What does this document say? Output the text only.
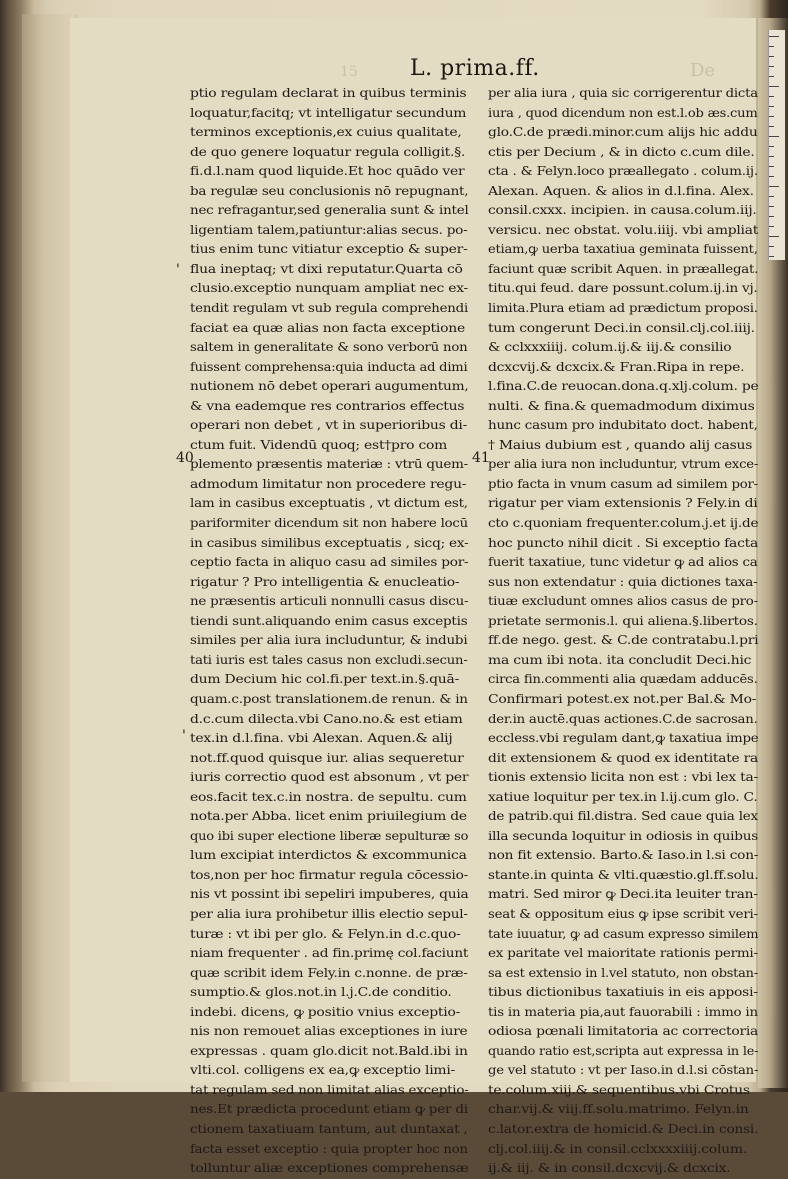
15 L. prima.ff.	De
ptio regulam declarat in quibus terminis
loquatur,facitq; vt intelligatur secundum
terminos exceptionis,ex cuius qualitate,
de quo genere loquatur regula colligit.§.
fi.d.l.nam quod liquide.Et hoc quādo ver
ba regulæ seu conclusionis nō repugnant,
nec refragantur,sed generalia sunt & intel
ligentiam talem,patiuntur:alias secus. po-
tius enim tunc vitiatur exceptio & super-
flua ineptaq; vt dixi reputatur.Quarta cō
clusio.exceptio nunquam ampliat nec ex-
tendit regulam vt sub regula comprehendi
faciat ea quæ alias non facta exceptione
saltem in generalitate & sono verborū non
fuissent comprehensa:quia inducta ad dimi
nutionem nō debet operari augumentum,
& vna eademque res contrarios effectus
operari non debet , vt in superioribus di-
ctum fuit. Videndū quoq; est†pro com
plemento præsentis materiæ : vtrū quem-
admodum limitatur non procedere regu-
lam in casibus exceptuatis , vt dictum est,
pariformiter dicendum sit non habere locū
in casibus similibus exceptuatis , sicq; ex-
ceptio facta in aliquo casu ad similes por-
rigatur ? Pro intelligentia & enucleatio-
ne præsentis articuli nonnulli casus discu-
tiendi sunt.aliquando enim casus exceptis
similes per alia iura includuntur, & indubi
tati iuris est tales casus non excludi.secun-
dum Decium hic col.fi.per text.in.§.quā-
quam.c.post translationem.de renun. & in
d.c.cum dilecta.vbi Cano.no.& est etiam
tex.in d.l.fina. vbi Alexan. Aquen.& alij
not.ff.quod quisque iur. alias sequeretur
iuris correctio quod est absonum , vt per
eos.facit tex.c.in nostra. de sepultu. cum
nota.per Abba. licet enim priuilegium de
quo ibi super electione liberæ sepulturæ so
lum excipiat interdictos & excommunica
tos,non per hoc firmatur regula cōcessio-
nis vt possint ibi sepeliri impuberes, quia
per alia iura prohibetur illis electio sepul-
turæ : vt ibi per glo. & Felyn.in d.c.quo-
niam frequenter . ad fin.primę col.faciunt
quæ scribit idem Fely.in c.nonne. de præ-
sumptio.& glos.not.in l.j.C.de conditio.
indebi. dicens, ꝙ positio vnius exceptio-
nis non remouet alias exceptiones in iure
expressas . quam glo.dicit not.Bald.ibi in
vlti.col. colligens ex ea,ꝙ exceptio limi-
tat regulam sed non limitat alias exceptio-
nes.Et prædicta procedunt etiam ꝙ per di
ctionem taxatiuam tantum, aut duntaxat ,
facta esset exceptio : quia propter hoc non
tolluntur aliæ exceptiones comprehensæ
per alia iura , quia sic corrigerentur dicta
iura , quod dicendum non est.l.ob æs.cum
glo.C.de prædi.minor.cum alijs hic addu
ctis per Decium , & in dicto c.cum dile.
cta . & Felyn.loco præallegato . colum.ij.
Alexan. Aquen. & alios in d.l.fina. Alex.
consil.cxxx. incipien. in causa.colum.iij.
versicu. nec obstat. volu.iiij. vbi ampliat
etiam,ꝙ uerba taxatiua geminata fuissent,
faciunt quæ scribit Aquen. in præallegat.
titu.qui feud. dare possunt.colum.ij.in vj.
limita.Plura etiam ad prædictum proposi.
tum congerunt Deci.in consil.clj.col.iiij.
& cclxxxiiij. colum.ij.& iij.& consilio
dcxcvij.& dcxcix.& Fran.Ripa in repe.
l.fina.C.de reuocan.dona.q.xlj.colum. pe
nulti. & fina.& quemadmodum diximus
hunc casum pro indubitato doct. habent,
† Maius dubium est , quando alij casus
per alia iura non includuntur, vtrum exce-
ptio facta in vnum casum ad similem por-
rigatur per viam extensionis ? Fely.in di
cto c.quoniam frequenter.colum.j.et ij.de
hoc puncto nihil dicit . Si exceptio facta
fuerit taxatiue, tunc videtur ꝙ ad alios ca
sus non extendatur : quia dictiones taxa-
tiuæ excludunt omnes alios casus de pro-
prietate sermonis.l. qui aliena.§.libertos.
ff.de nego. gest. & C.de contratabu.l.pri
ma cum ibi nota. ita concludit Deci.hic
circa fin.commenti alia quædam adducēs.
Confirmari potest.ex not.per Bal.& Mo-
der.in auctē.quas actiones.C.de sacrosan.
eccless.vbi regulam dant,ꝙ taxatiua impe
dit extensionem & quod ex identitate ra
tionis extensio licita non est : vbi lex ta-
xatiue loquitur per tex.in l.ij.cum glo. C.
de patrib.qui fil.distra. Sed caue quia lex
illa secunda loquitur in odiosis in quibus
non fit extensio. Barto.& Iaso.in l.si con-
stante.in quinta & vlti.quæstio.gl.ff.solu.
matri. Sed miror ꝙ Deci.ita leuiter tran-
seat & oppositum eius ꝙ ipse scribit veri-
tate iuuatur, ꝙ ad casum expresso similem
ex paritate vel maioritate rationis permi-
sa est extensio in l.vel statuto, non obstan-
tibus dictionibus taxatiuis in eis apposi-
tis in materia pia,aut fauorabili : immo in
odiosa pœnali limitatoria ac correctoria
quando ratio est,scripta aut expressa in le-
ge vel statuto : vt per Iaso.in d.l.si cōstan-
te.colum.xiij.& sequentibus.vbi Crotus
char.vij.& viij.ff.solu.matrimo. Felyn.in
c.lator.extra de homicid.& Deci.in consi.
clj.col.iiij.& in consil.cclxxxxiiij.colum.
ij.& iij. & in consil.dcxcvij.& dcxcix.
40	41
'
'
